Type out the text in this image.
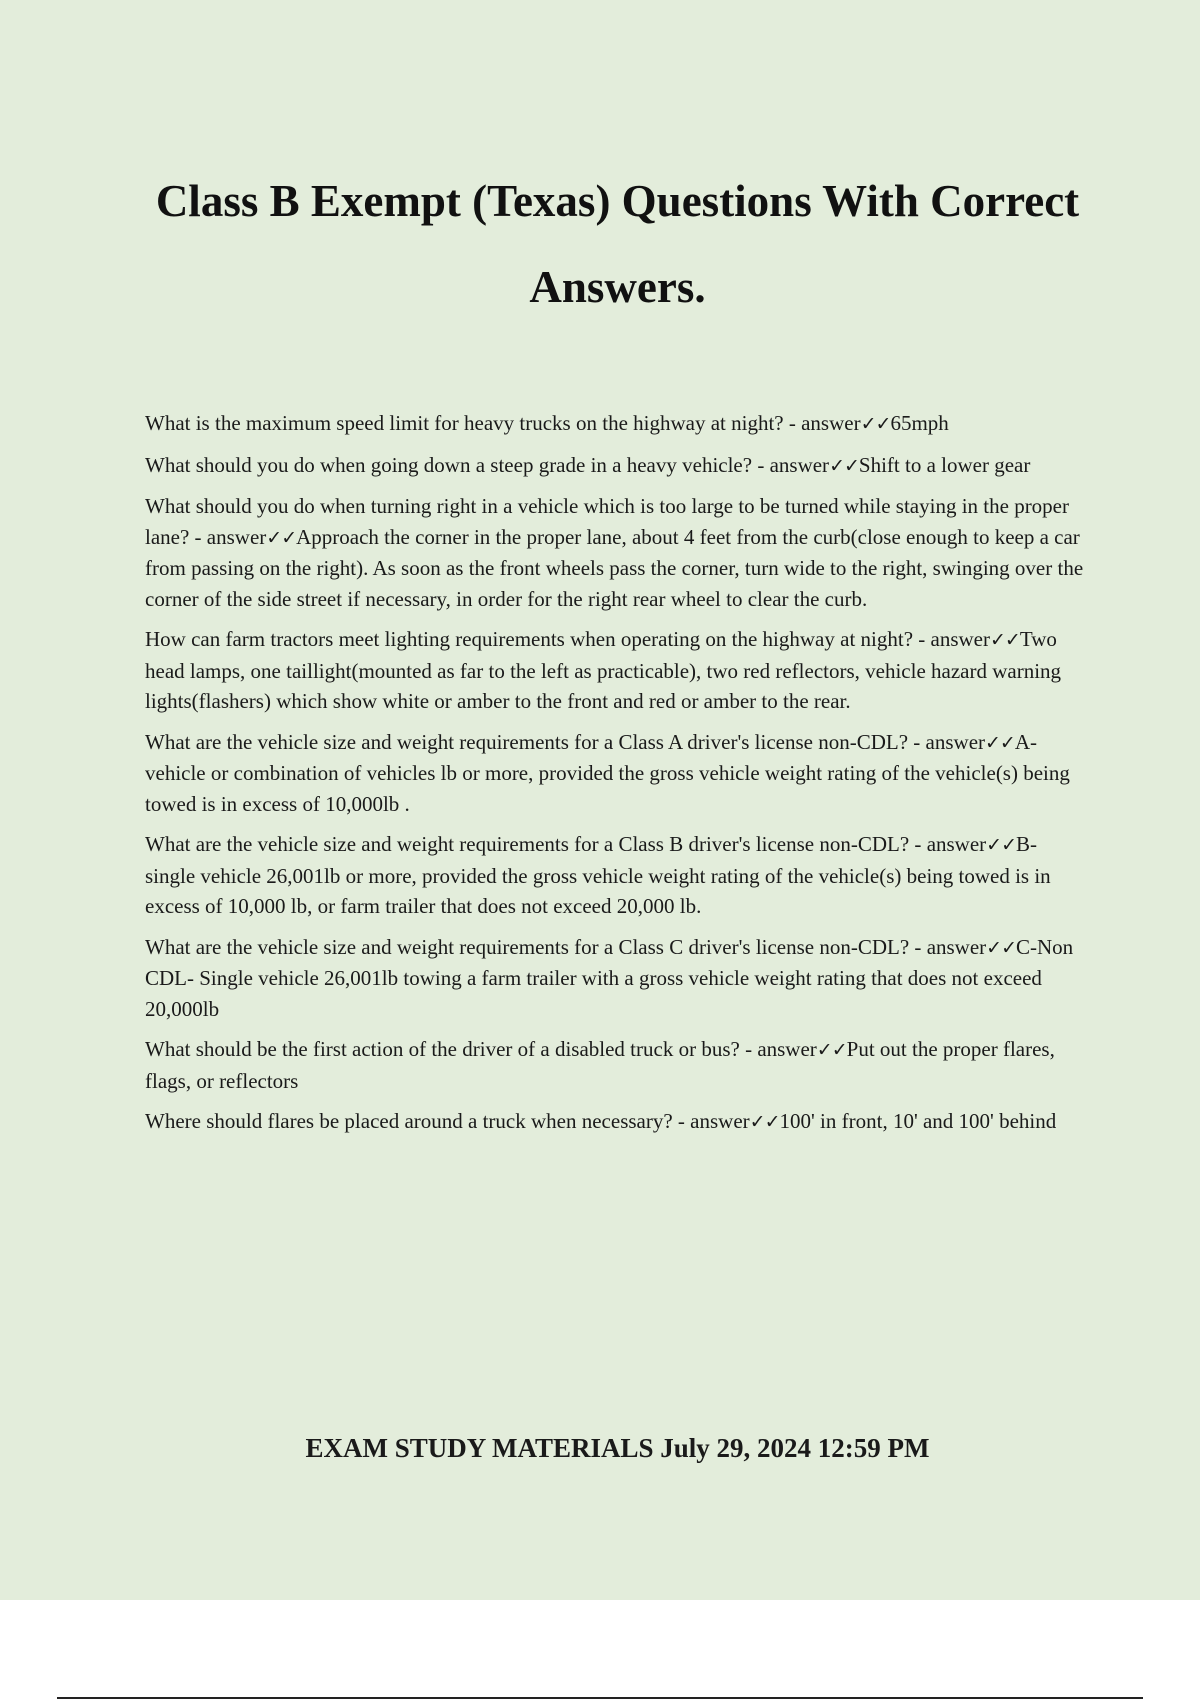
Class B Exempt (Texas) Questions With Correct Answers.

What is the maximum speed limit for heavy trucks on the highway at night? - answer✓✓65mph

What should you do when going down a steep grade in a heavy vehicle? - answer✓✓Shift to a lower gear

What should you do when turning right in a vehicle which is too large to be turned while staying in the proper lane? - answer✓✓Approach the corner in the proper lane, about 4 feet from the curb(close enough to keep a car from passing on the right). As soon as the front wheels pass the corner, turn wide to the right, swinging over the corner of the side street if necessary, in order for the right rear wheel to clear the curb.

How can farm tractors meet lighting requirements when operating on the highway at night? - answer✓✓Two head lamps, one taillight(mounted as far to the left as practicable), two red reflectors, vehicle hazard warning lights(flashers) which show white or amber to the front and red or amber to the rear.

What are the vehicle size and weight requirements for a Class A driver's license non-CDL? - answer✓✓A- vehicle or combination of vehicles lb or more, provided the gross vehicle weight rating of the vehicle(s) being towed is in excess of 10,000lb .

What are the vehicle size and weight requirements for a Class B driver's license non-CDL? - answer✓✓B- single vehicle 26,001lb or more, provided the gross vehicle weight rating of the vehicle(s) being towed is in excess of 10,000 lb, or farm trailer that does not exceed 20,000 lb.

What are the vehicle size and weight requirements for a Class C driver's license non-CDL? - answer✓✓C-Non CDL- Single vehicle 26,001lb towing a farm trailer with a gross vehicle weight rating that does not exceed 20,000lb

What should be the first action of the driver of a disabled truck or bus? - answer✓✓Put out the proper flares, flags, or reflectors

Where should flares be placed around a truck when necessary? - answer✓✓100' in front, 10' and 100' behind

EXAM STUDY MATERIALS July 29, 2024 12:59 PM
